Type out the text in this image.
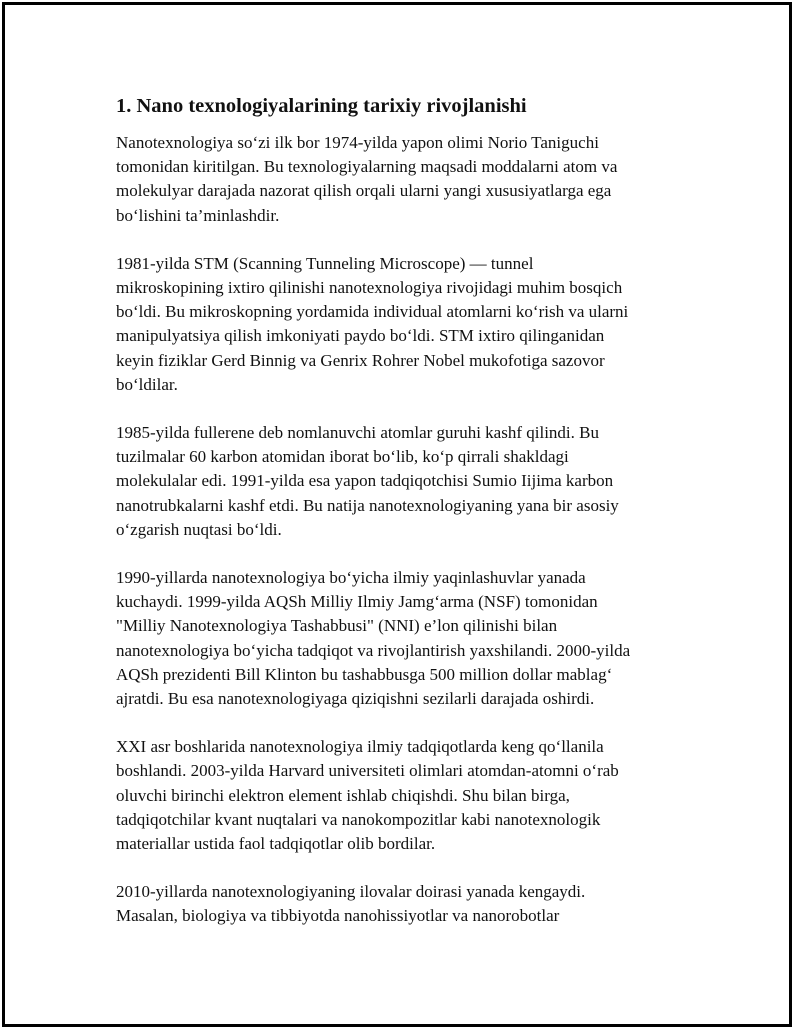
1. Nano texnologiyalarining tarixiy rivojlanishi

Nanotexnologiya so‘zi ilk bor 1974-yilda yapon olimi Norio Taniguchi
tomonidan kiritilgan. Bu texnologiyalarning maqsadi moddalarni atom va
molekulyar darajada nazorat qilish orqali ularni yangi xususiyatlarga ega
bo‘lishini ta’minlashdir.

1981-yilda STM (Scanning Tunneling Microscope) — tunnel
mikroskopining ixtiro qilinishi nanotexnologiya rivojidagi muhim bosqich
bo‘ldi. Bu mikroskopning yordamida individual atomlarni ko‘rish va ularni
manipulyatsiya qilish imkoniyati paydo bo‘ldi. STM ixtiro qilinganidan
keyin fiziklar Gerd Binnig va Genrix Rohrer Nobel mukofotiga sazovor
bo‘ldilar.

1985-yilda fullerene deb nomlanuvchi atomlar guruhi kashf qilindi. Bu
tuzilmalar 60 karbon atomidan iborat bo‘lib, ko‘p qirrali shakldagi
molekulalar edi. 1991-yilda esa yapon tadqiqotchisi Sumio Iijima karbon
nanotrubkalarni kashf etdi. Bu natija nanotexnologiyaning yana bir asosiy
o‘zgarish nuqtasi bo‘ldi.

1990-yillarda nanotexnologiya bo‘yicha ilmiy yaqinlashuvlar yanada
kuchaydi. 1999-yilda AQSh Milliy Ilmiy Jamg‘arma (NSF) tomonidan
"Milliy Nanotexnologiya Tashabbusi" (NNI) e’lon qilinishi bilan
nanotexnologiya bo‘yicha tadqiqot va rivojlantirish yaxshilandi. 2000-yilda
AQSh prezidenti Bill Klinton bu tashabbusga 500 million dollar mablag‘
ajratdi. Bu esa nanotexnologiyaga qiziqishni sezilarli darajada oshirdi.

XXI asr boshlarida nanotexnologiya ilmiy tadqiqotlarda keng qo‘llanila
boshlandi. 2003-yilda Harvard universiteti olimlari atomdan-atomni o‘rab
oluvchi birinchi elektron element ishlab chiqishdi. Shu bilan birga,
tadqiqotchilar kvant nuqtalari va nanokompozitlar kabi nanotexnologik
materiallar ustida faol tadqiqotlar olib bordilar.

2010-yillarda nanotexnologiyaning ilovalar doirasi yanada kengaydi.
Masalan, biologiya va tibbiyotda nanohissiyotlar va nanorobotlar
